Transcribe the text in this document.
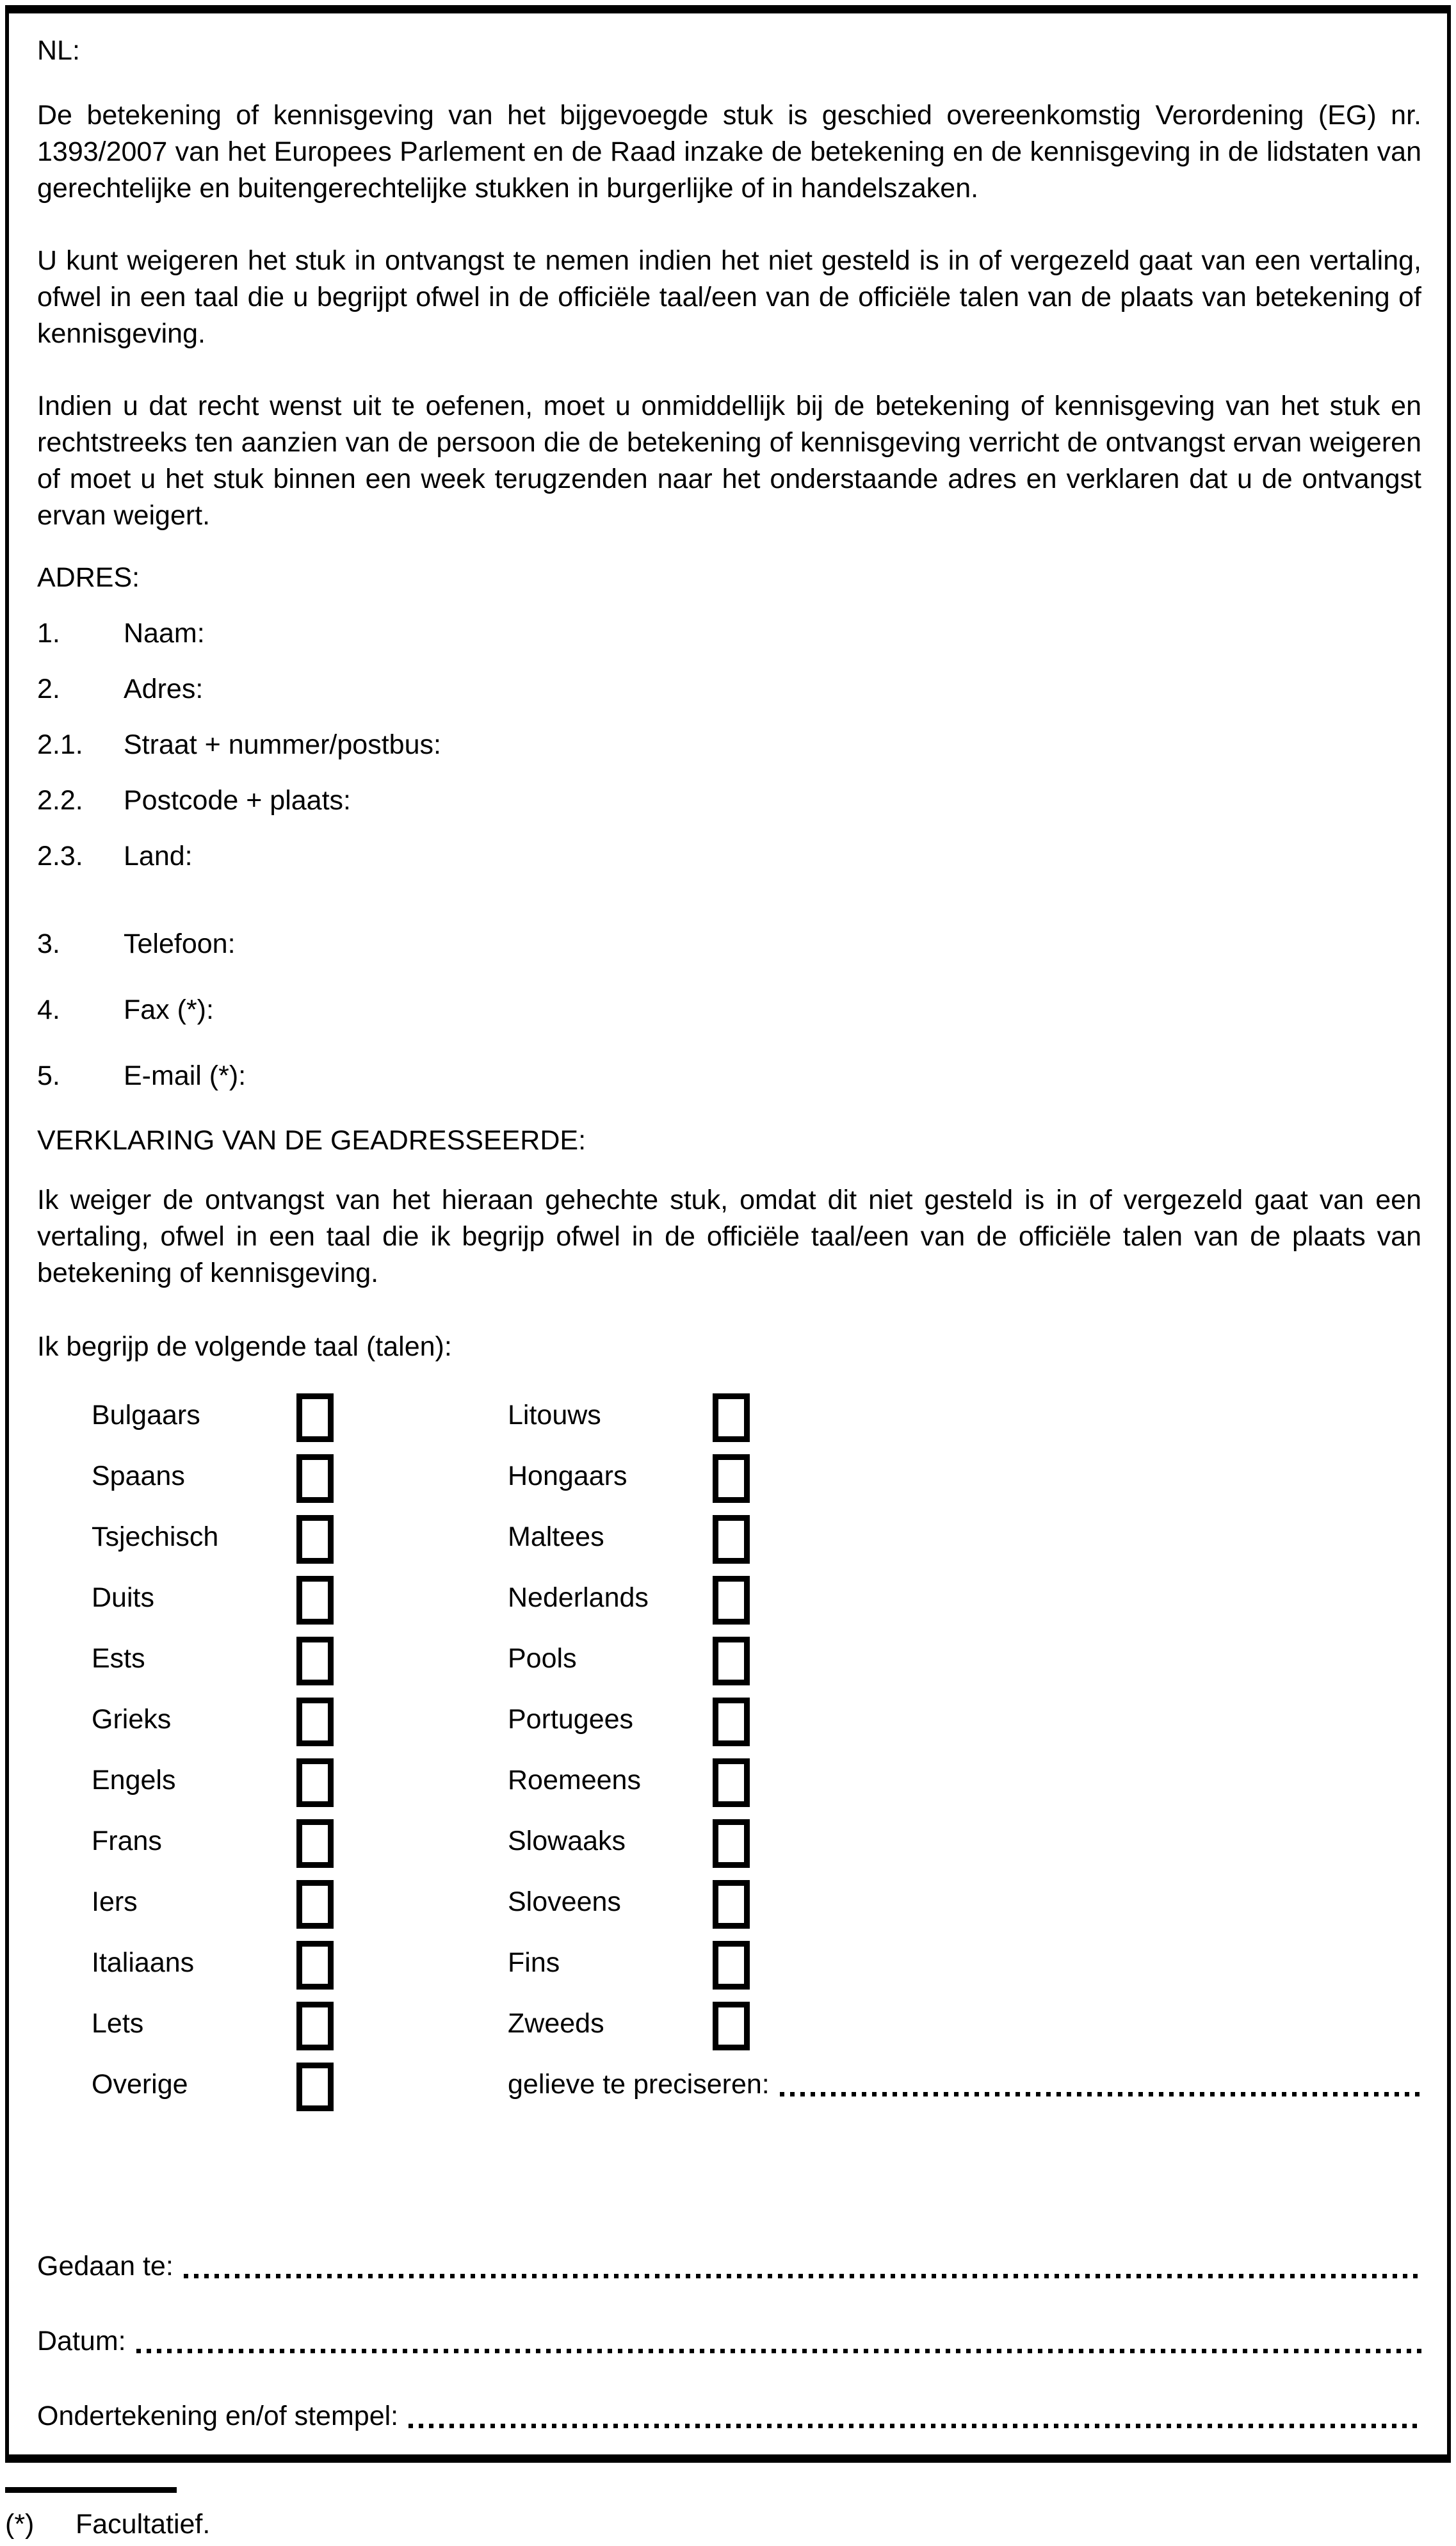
NL:

De betekening of kennisgeving van het bijgevoegde stuk is geschied overeenkomstig Verordening (EG) nr. 1393/2007 van het Europees Parlement en de Raad inzake de betekening en de kennisgeving in de lidstaten van gerechtelijke en buitengerechtelijke stukken in burgerlijke of in handelszaken.

U kunt weigeren het stuk in ontvangst te nemen indien het niet gesteld is in of vergezeld gaat van een vertaling, ofwel in een taal die u begrijpt ofwel in de officiële taal/een van de officiële talen van de plaats van betekening of kennisgeving.

Indien u dat recht wenst uit te oefenen, moet u onmiddellijk bij de betekening of kennisgeving van het stuk en rechtstreeks ten aanzien van de persoon die de betekening of kennisgeving verricht de ontvangst ervan weigeren of moet u het stuk binnen een week terugzenden naar het onderstaande adres en verklaren dat u de ontvangst ervan weigert.

ADRES:
1.	Naam:
2.	Adres:
2.1.	Straat + nummer/postbus:
2.2.	Postcode + plaats:
2.3.	Land:
3.	Telefoon:
4.	Fax (*):
5.	E-mail (*):
VERKLARING VAN DE GEADRESSEERDE:

Ik weiger de ontvangst van het hieraan gehechte stuk, omdat dit niet gesteld is in of vergezeld gaat van een vertaling, ofwel in een taal die ik begrijp ofwel in de officiële taal/een van de officiële talen van de plaats van betekening of kennisgeving.

Ik begrijp de volgende taal (talen):
Bulgaars	Litouws
Spaans	Hongaars
Tsjechisch	Maltees
Duits	Nederlands
Ests	Pools
Grieks	Portugees
Engels	Roemeens
Frans	Slowaaks
Iers	Sloveens
Italiaans	Fins
Lets	Zweeds
Overige	gelieve te preciseren:
Gedaan te:
Datum:
Ondertekening en/of stempel:
(*)	Facultatief.
